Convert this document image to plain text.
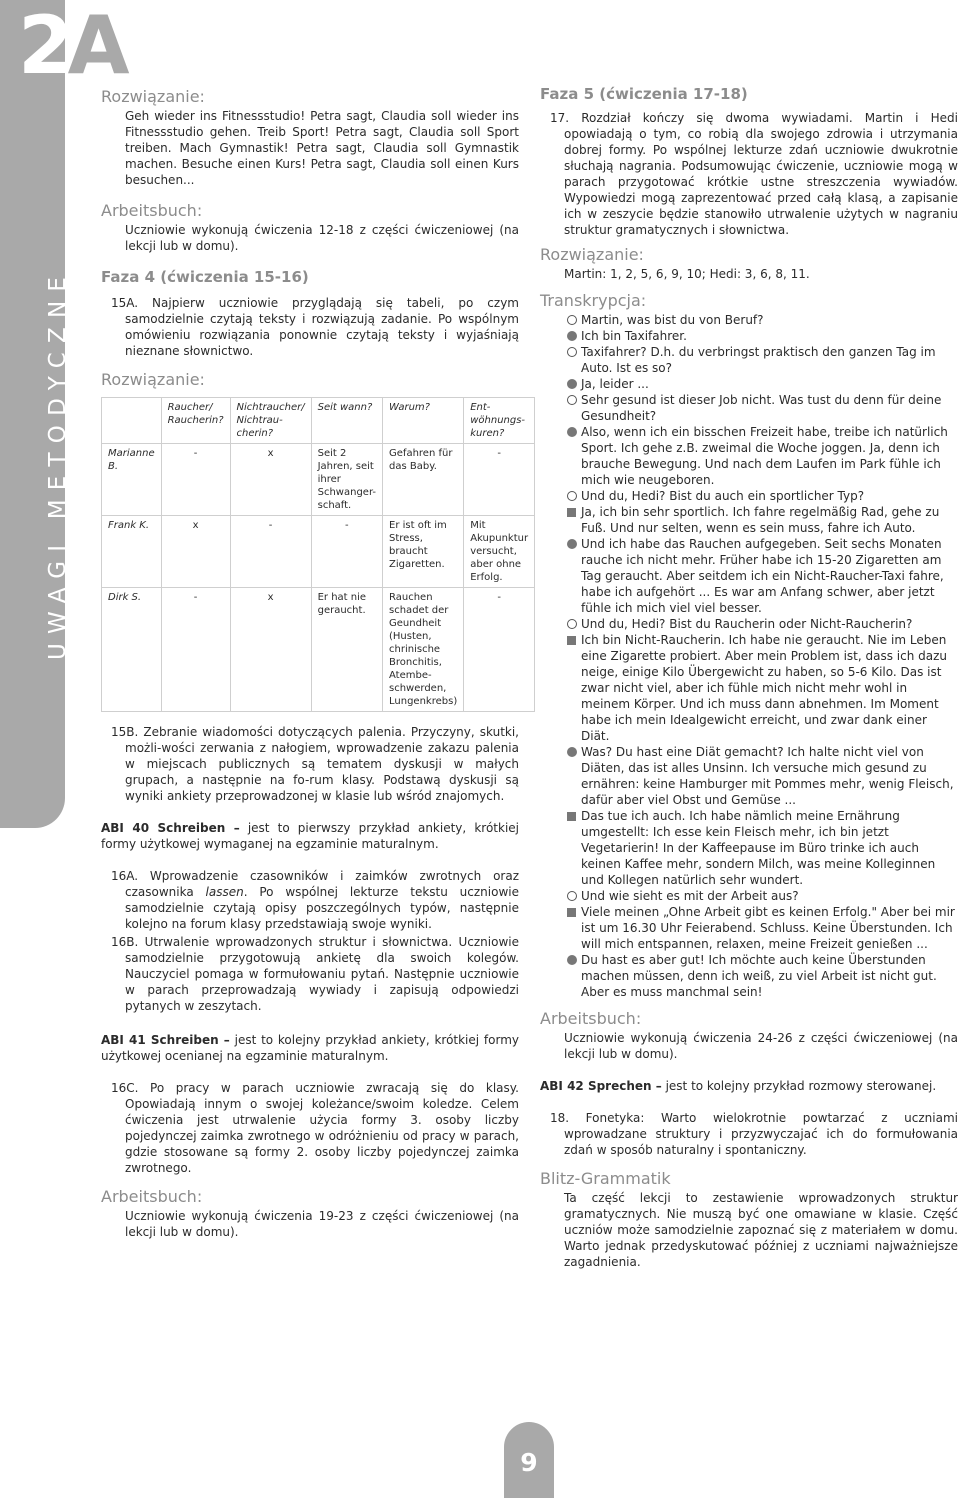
UWAGI METODYCZNE
2A
Rozwiązanie:

Geh wieder ins Fitnessstudio! Petra sagt, Claudia soll wieder ins Fitnessstudio gehen. Treib Sport! Petra sagt, Claudia soll Sport treiben. Mach Gymnastik! Petra sagt, Claudia soll Gymnastik machen. Besuche einen Kurs! Petra sagt, Claudia soll einen Kurs besuchen...

Arbeitsbuch:

Uczniowie wykonują ćwiczenia 12-18 z części ćwiczeniowej (na lekcji lub w domu).

Faza 4 (ćwiczenia 15-16)

15A. Najpierw uczniowie przyglądają się tabeli, po czym samodzielnie czytają teksty i rozwiązują zadanie. Po wspólnym omówieniu rozwiązania ponownie czytają teksty i wyjaśniają nieznane słownictwo.

Rozwiązanie:
	Raucher/ Raucherin?	Nichtraucher/ Nichtrau-cherin?	Seit wann?	Warum?	Ent-wöhnungs-kuren?
Marianne B.	-	x	Seit 2 Jahren, seit ihrer Schwanger-schaft.	Gefahren für das Baby.	-
Frank K.	x	-	-	Er ist oft im Stress, braucht Zigaretten.	Mit Akupunktur versucht, aber ohne Erfolg.
Dirk S.	-	x	Er hat nie geraucht.	Rauchen schadet der Geundheit (Husten, chrinische Bronchitis, Atembe-schwerden, Lungenkrebs)	-

15B. Zebranie wiadomości dotyczących palenia. Przyczyny, skutki, możli-wości zerwania z nałogiem, wprowadzenie zakazu palenia w miejscach publicznych są tematem dyskusji w małych grupach, a następnie na fo-rum klasy. Podstawą dyskusji są wyniki ankiety przeprowadzonej w klasie lub wśród znajomych.

ABI 40 Schreiben – jest to pierwszy przykład ankiety, krótkiej formy użytkowej wymaganej na egzaminie maturalnym.

16A. Wprowadzenie czasowników i zaimków zwrotnych oraz czasownika lassen. Po wspólnej lekturze tekstu uczniowie samodzielnie czytają opisy poszczególnych typów, następnie kolejno na forum klasy przedstawiają swoje wyniki.

16B. Utrwalenie wprowadzonych struktur i słownictwa. Uczniowie samodzielnie przygotowują ankietę dla swoich kolegów. Nauczyciel pomaga w formułowaniu pytań. Następnie uczniowie w parach przeprowadzają wywiady i zapisują odpowiedzi pytanych w zeszytach.

ABI 41 Schreiben – jest to kolejny przykład ankiety, krótkiej formy użytkowej ocenianej na egzaminie maturalnym.

16C. Po pracy w parach uczniowie zwracają się do klasy. Opowiadają innym o swojej koleżance/swoim koledze. Celem ćwiczenia jest utrwalenie użycia formy 3. osoby liczby pojedynczej zaimka zwrotnego w odróżnieniu od pracy w parach, gdzie stosowane są formy 2. osoby liczby pojedynczej zaimka zwrotnego.

Arbeitsbuch:

Uczniowie wykonują ćwiczenia 19-23 z części ćwiczeniowej (na lekcji lub w domu).

Faza 5 (ćwiczenia 17-18)

17. Rozdział kończy się dwoma wywiadami. Martin i Hedi opowiadają o tym, co robią dla swojego zdrowia i utrzymania dobrej formy. Po wspólnej lekturze zdań uczniowie dwukrotnie słuchają nagrania. Podsumowując ćwiczenie, uczniowie mogą w parach przygotować krótkie ustne streszczenia wywiadów. Wypowiedzi mogą zaprezentować przed całą klasą, a zapisanie ich w zeszycie będzie stanowiło utrwalenie użytych w nagraniu struktur gramatycznych i słownictwa.

Rozwiązanie:

Martin: 1, 2, 5, 6, 9, 10; Hedi: 3, 6, 8, 11.

Transkrypcja:
Martin, was bist du von Beruf?
Ich bin Taxifahrer.
Taxifahrer? D.h. du verbringst praktisch den ganzen Tag im Auto. Ist es so?
Ja, leider ...
Sehr gesund ist dieser Job nicht. Was tust du denn für deine Gesundheit?
Also, wenn ich ein bisschen Freizeit habe, treibe ich natürlich Sport. Ich gehe z.B. zweimal die Woche joggen. Ja, denn ich brauche Bewegung. Und nach dem Laufen im Park fühle ich mich wie neugeboren.
Und du, Hedi? Bist du auch ein sportlicher Typ?
Ja, ich bin sehr sportlich. Ich fahre regelmäßig Rad, gehe zu Fuß. Und nur selten, wenn es sein muss, fahre ich Auto.
Und ich habe das Rauchen aufgegeben. Seit sechs Monaten rauche ich nicht mehr. Früher habe ich 15-20 Zigaretten am Tag geraucht. Aber seitdem ich ein Nicht-Raucher-Taxi fahre, habe ich aufgehört ... Es war am Anfang schwer, aber jetzt fühle ich mich viel viel besser.
Und du, Hedi? Bist du Raucherin oder Nicht-Raucherin?
Ich bin Nicht-Raucherin. Ich habe nie geraucht. Nie im Leben eine Zigarette probiert. Aber mein Problem ist, dass ich dazu neige, einige Kilo Übergewicht zu haben, so 5-6 Kilo. Das ist zwar nicht viel, aber ich fühle mich nicht mehr wohl in meinem Körper. Und ich muss dann abnehmen. Im Moment habe ich mein Idealgewicht erreicht, und zwar dank einer Diät.
Was? Du hast eine Diät gemacht? Ich halte nicht viel von Diäten, das ist alles Unsinn. Ich versuche mich gesund zu ernähren: keine Hamburger mit Pommes mehr, wenig Fleisch, dafür aber viel Obst und Gemüse ...
Das tue ich auch. Ich habe nämlich meine Ernährung umgestellt: Ich esse kein Fleisch mehr, ich bin jetzt Vegetarierin! In der Kaffeepause im Büro trinke ich auch keinen Kaffee mehr, sondern Milch, was meine Kolleginnen und Kollegen natürlich sehr wundert.
Und wie sieht es mit der Arbeit aus?
Viele meinen „Ohne Arbeit gibt es keinen Erfolg." Aber bei mir ist um 16.30 Uhr Feierabend. Schluss. Keine Überstunden. Ich will mich entspannen, relaxen, meine Freizeit genießen ...
Du hast es aber gut! Ich möchte auch keine Überstunden machen müssen, denn ich weiß, zu viel Arbeit ist nicht gut. Aber es muss manchmal sein!
Arbeitsbuch:

Uczniowie wykonują ćwiczenia 24-26 z części ćwiczeniowej (na lekcji lub w domu).

ABI 42 Sprechen – jest to kolejny przykład rozmowy sterowanej.

18. Fonetyka: Warto wielokrotnie powtarzać z uczniami wprowadzane struktury i przyzwyczajać ich do formułowania zdań w sposób naturalny i spontaniczny.

Blitz-Grammatik

Ta część lekcji to zestawienie wprowadzonych struktur gramatycznych. Nie muszą być one omawiane w klasie. Część uczniów może samodzielnie zapoznać się z materiałem w domu. Warto jednak przedyskutować później z uczniami najważniejsze zagadnienia.

9
